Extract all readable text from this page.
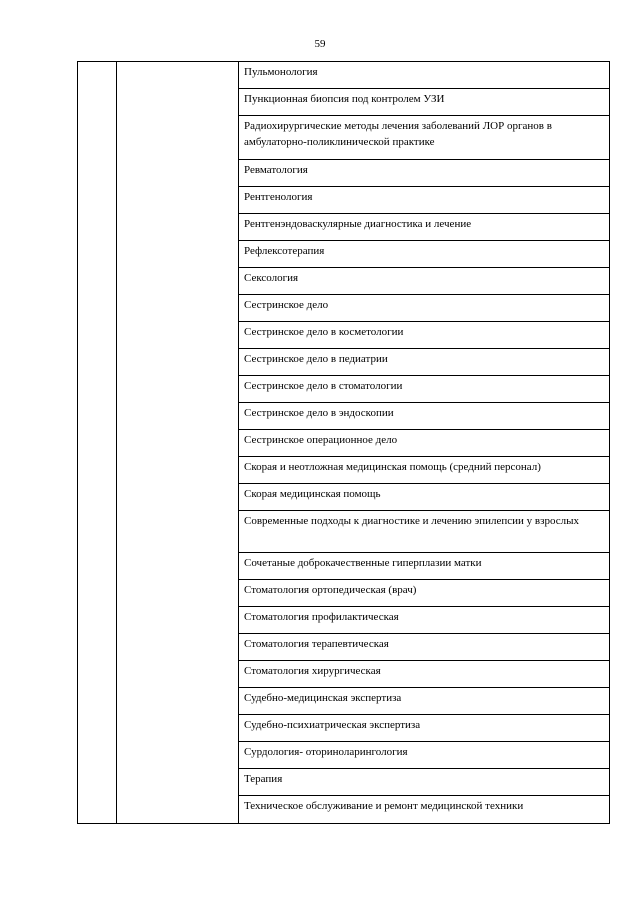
59

Пульмонология
Пункционная биопсия под контролем УЗИ
Радиохирургические методы лечения заболеваний ЛОР органов в амбулаторно-поликлинической практике
Ревматология
Рентгенология
Рентгенэндоваскулярные диагностика и лечение
Рефлексотерапия
Сексология
Сестринское дело
Сестринское дело в косметологии
Сестринское дело в педиатрии
Сестринское дело в стоматологии
Сестринское дело в эндоскопии
Сестринское операционное дело
Скорая и неотложная медицинская помощь (средний персонал)
Скорая медицинская помощь
Современные подходы к диагностике и лечению эпилепсии у взрослых
Сочетаные доброкачественные гиперплазии матки
Стоматология ортопедическая (врач)
Стоматология профилактическая
Стоматология терапевтическая
Стоматология хирургическая
Судебно-медицинская экспертиза
Судебно-психиатрическая экспертиза
Сурдология- оториноларингология
Терапия
Техническое обслуживание и ремонт медицинской техники
